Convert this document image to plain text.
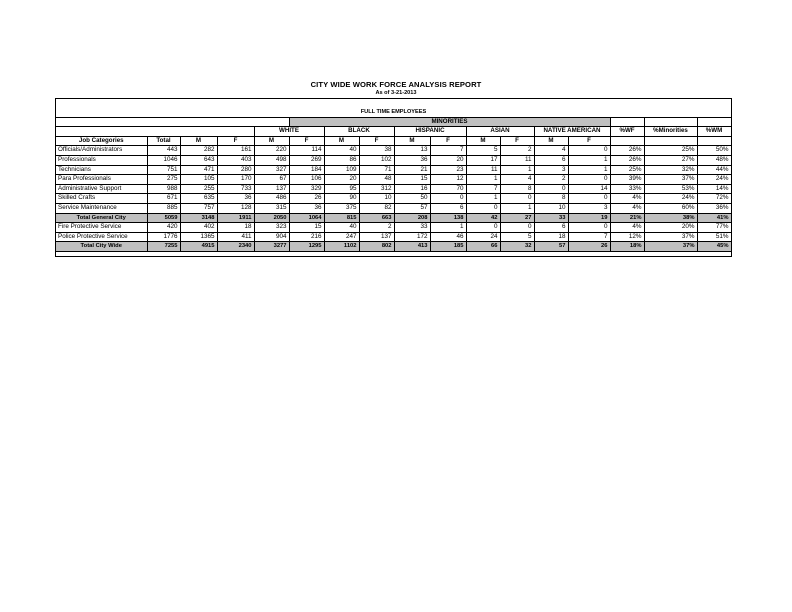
CITY WIDE WORK FORCE ANALYSIS REPORT
As of 3-21-2013
FULL TIME EMPLOYEES																
					MINORITIES											
				WHITE		BLACK		HISPANIC		ASIAN		NATIVE AMERICAN		%WF	%Minorities	%WM
Job Categories	Total	M	F	M	F	M	F	M	F	M	F	M	F			
Officials/Administrators	443	282	161	220	114	40	38	13	7	5	2	4	0	26%	25%	50%
Professionals	1046	643	403	498	269	86	102	36	20	17	11	6	1	26%	27%	48%
Technicians	751	471	280	327	184	109	71	21	23	11	1	3	1	25%	32%	44%
Para Professionals	275	105	170	67	106	20	48	15	12	1	4	2	0	39%	37%	24%
Administrative Support	988	255	733	137	329	95	312	16	70	7	8	0	14	33%	53%	14%
Skilled Crafts	671	635	36	486	26	90	10	50	0	1	0	8	0	4%	24%	72%
Service Maintenance	885	757	128	315	36	375	82	57	6	0	1	10	3	4%	60%	36%
Total General City	5059	3148	1911	2050	1064	815	663	208	138	42	27	33	19	21%	38%	41%
Fire Protective Service	420	402	18	323	15	40	2	33	1	0	0	6	0	4%	20%	77%
Police Protective Service	1776	1365	411	904	216	247	137	172	46	24	5	18	7	12%	37%	51%
Total City Wide	7255	4915	2340	3277	1295	1102	802	413	185	66	32	57	26	18%	37%	45%
